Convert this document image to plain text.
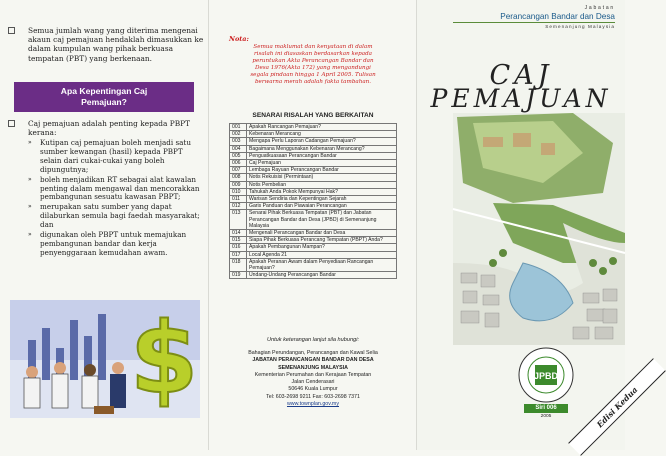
Semua jumlah wang yang diterima mengenai akaun caj pemajuan hendaklah dimasukkan ke dalam kumpulan wang pihak berkuasa tempatan (PBT) yang berkenaan.
Apa Kepentingan Caj
Pemajuan?
Caj pemajuan adalah penting kepada PBPT kerana:
» Kutipan caj pemajuan boleh menjadi satu sumber kewangan (hasil) kepada PBPT selain dari cukai-cukai yang boleh dipungutnya;
» boleh menjadikan RT sebagai alat kawalan penting dalam mengawal dan mencorakkan pembangunan sesuatu kawasan PBPT;
» merupakan satu sumber yang dapat dilaburkan semula bagi faedah masyarakat; dan
» digunakan oleh PBPT untuk memajukan pembangunan bandar dan kerja penyenggaraan kemudahan awam.
$
Nota:
Semua maklumat dan kenyataan di dalam risalah ini diasaskan berdasarkan kepada peruntukan Akta Perancangan Bandar dan Desa 1976(Akta 172) yang mengandungi segala pindaan hingga 1 April 2005. Tulisan berwarna merah adalah fakta tambahan.
SENARAI RISALAH YANG BERKAITAN
001	Apakah Rancangan Pemajuan?
002	Kebenaran Merancang
003	Mengapa Perlu Laporan Cadangan Pemajuan?
004	Bagaimana Menggunakan Kebenaran Merancang?
005	Penguatkuasaan Perancangan Bandar
006	Caj Pemajuan
007	Lembaga Rayuan Perancangan Bandar
008	Notis Rekuisisi (Permintaan)
009	Notis Pembelian
010	Tahukah Anda Pokok Mempunyai Hak?
011	Warisan Sendiria dan Kepentingan Sejarah
012	Garis Panduan dan Piawaian Perancangan
013	Senarai Pihak Berkuasa Tempatan (PBT) dan Jabatan Perancangan Bandar dan Desa (JPBD) di Semenanjung Malaysia
014	Mengenali Perancangan Bandar dan Desa
015	Siapa Pihak Berkuasa Perancang Tempatan (PBPT) Anda?
016	Apakah Pembangunan Mampan?
017	Local Agenda 21
018	Apakah Peranan Awam dalam Penyediaan Rancangan Pemajuan?
019	Undang-Undang Perancangan Bandar
Untuk keterangan lanjut sila hubungi:
Bahagian Perundangan, Perancangan dan Kawal Selia
JABATAN PERANCANGAN BANDAR DAN DESA
SEMENANJUNG MALAYSIA
Kementerian Perumahan dan Kerajaan Tempatan
Jalan Cenderasari
50646 Kuala Lumpur
Tel: 603-2698 9211 Fax: 603-2698 7371
www.townplan.gov.my
Jabatan
Perancangan Bandar dan Desa
Semenanjung Malaysia
CAJ
PEMAJUAN
JPBD
Siri 006
2005	Edisi Kedua
